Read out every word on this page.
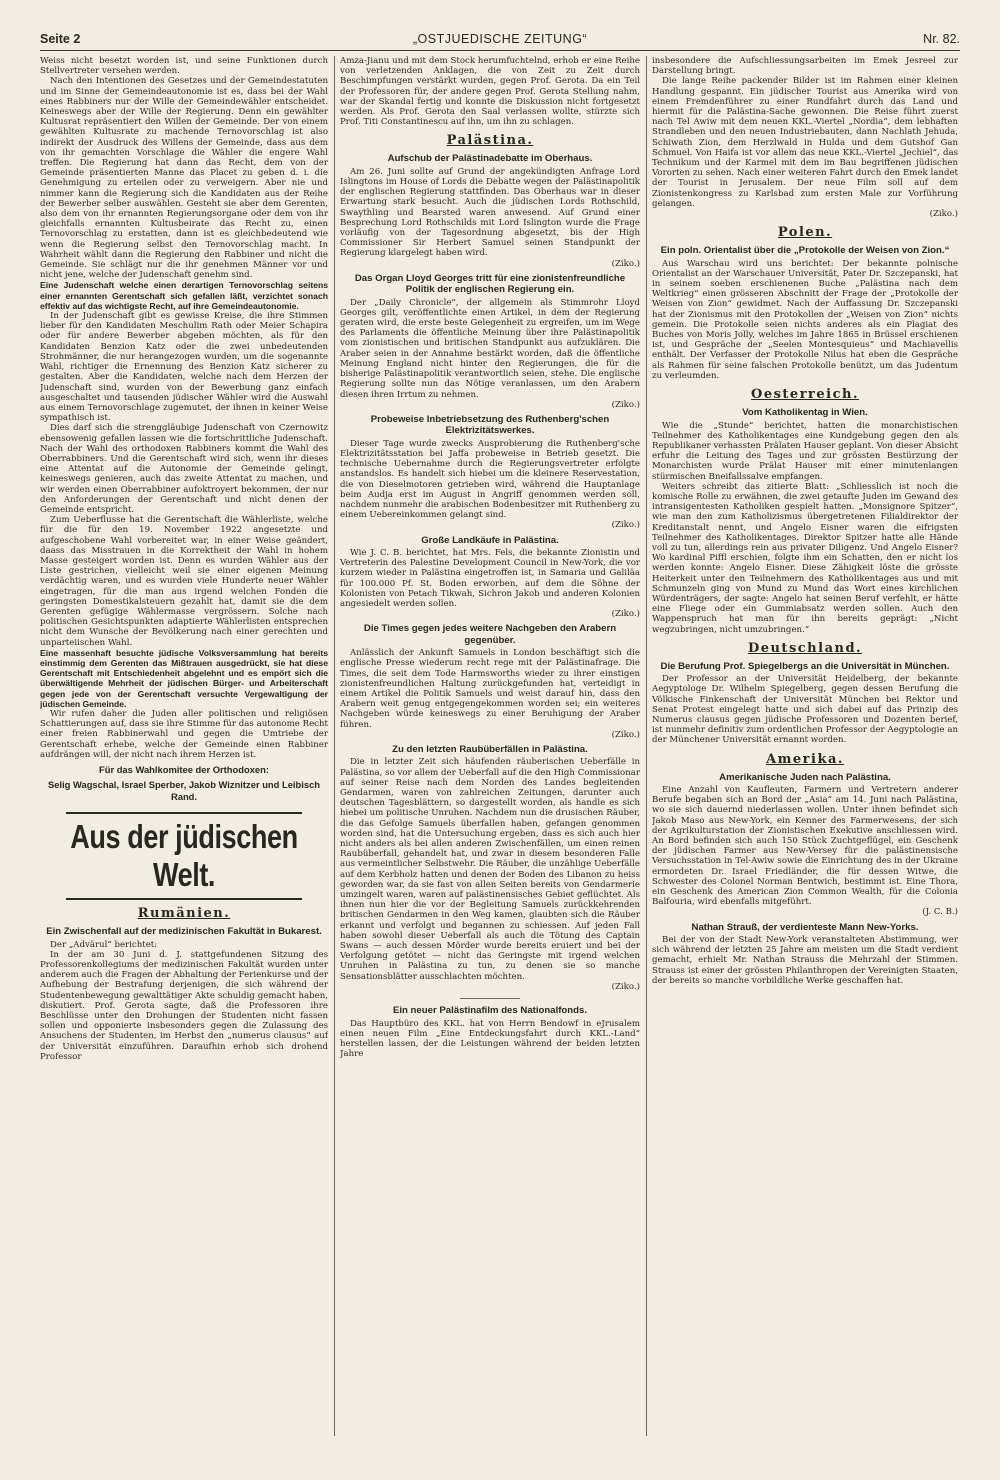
Seite 2	„OSTJUEDISCHE ZEITUNG“	Nr. 82.

Weiss nicht besetzt worden ist, und seine Funktionen durch Stellvertreter versehen werden.

Nach den Intentionen des Gesetzes und der Gemeindestatuten und im Sinne der Gemeindeautonomie ist es, dass bei der Wahl eines Rabbiners nur der Wille der Gemeindewähler entscheidet. Keineswegs aber der Wille der Regierung. Denn ein gewählter Kultusrat repräsentiert den Willen der Gemeinde. Der von einem gewählten Kultusrate zu machende Ternovorschlag ist also indirekt der Ausdruck des Willens der Gemeinde, dass aus dem von ihr gemachten Vorschlage die Wähler die engere Wahl treffen. Die Regierung hat dann das Recht, dem von der Gemeinde präsentierten Manne das Placet zu geben d. i. die Genehmigung zu erteilen oder zu verweigern. Aber nie und nimmer kann die Regierung sich die Kandidaten aus der Reihe der Bewerber selber auswählen. Gesteht sie aber dem Gerenten, also dem von ihr ernannten Regierungsorgane oder dem von ihr gleichfalls ernannten Kultusbeirate das Recht zu, einen Ternovorschlag zu erstatten, dann ist es gleichbedeutend wie wenn die Regierung selbst den Ternovorschlag macht. In Wahrheit wählt dann die Regierung den Rabbiner und nicht die Gemeinde. Sie schlägt nur die ihr genehmen Männer vor und nicht jene, welche der Judenschaft genehm sind.

Eine Judenschaft welche einen derartigen Ternovorschlag seitens einer ernannten Gerentschaft sich gefallen läßt, verzichtet sonach effektiv auf das wichtigste Recht, auf ihre Gemeindeautonomie.

In der Judenschaft gibt es gewisse Kreise, die ihre Stimmen lieber für den Kandidaten Meschulim Rath oder Meier Schapira oder für andere Bewerber abgeben möchten, als für den Kandidaten Benzion Katz oder die zwei unbedeutenden Strohmänner, die nur herangezogen wurden, um die sogenannte Wahl, richtiger die Ernennung des Benzion Katz sicherer zu gestalten. Aber die Kandidaten, welche nach dem Herzen der Judenschaft sind, wurden von der Bewerbung ganz einfach ausgeschaltet und tausenden jüdischer Wähler wird die Auswahl aus einem Ternovorschlage zugemutet, der ihnen in keiner Weise sympathisch ist.

Dies darf sich die strenggläubige Judenschaft von Czernowitz ebensowenig gefallen lassen wie die fortschrittliche Judenschaft. Nach der Wahl des orthodoxen Rabbiners kommt die Wahl des Oberrabbiners. Und die Gerentschaft wird sich, wenn ihr dieses eine Attentat auf die Autonomie der Gemeinde gelingt, keineswegs genieren, auch das zweite Attentat zu machen, und wir werden einen Oberrabbiner aufoktroyert bekommen, der nur den Anforderungen der Gerentschaft und nicht denen der Gemeinde entspricht.

Zum Ueberflusse hat die Gerentschaft die Wählerliste, welche für die für den 19. November 1922 angesetzte und aufgeschobene Wahl vorbereitet war, in einer Weise geändert, daass das Misstrauen in die Korrektheit der Wahl in hohem Masse gesteigert worden ist. Denn es wurden Wähler aus der Liste gestrichen, vielleicht weil sie einer eigenen Meinung verdächtig waren, und es wurden viele Hunderte neuer Wähler eingetragen, für die man aus irgend welchen Fonden die geringsten Domestikalsteuern gezahlt hat, damit sie die dem Gerenten gefügige Wählermasse vergrössern. Solche nach politischen Gesichtspunkten adaptierte Wählerlisten entsprechen nicht dem Wunsche der Bevölkerung nach einer gerechten und unparteiischen Wahl.

Eine massenhaft besuchte jüdische Volksversammlung hat bereits einstimmig dem Gerenten das Mißtrauen ausgedrückt, sie hat diese Gerentschaft mit Entschiedenheit abgelehnt und es empört sich die überwältigende Mehrheit der jüdischen Bürger- und Arbeiterschaft gegen jede von der Gerentschaft versuchte Vergewaltigung der jüdischen Gemeinde.

Wir rufen daher die Juden aller politischen und religiösen Schattierungen auf, dass sie ihre Stimme für das autonome Recht einer freien Rabbinerwahl und gegen die Umtriebe der Gerentschaft erhebe, welche der Gemeinde einen Rabbiner aufdrängen will, der nicht nach ihrem Herzen ist.

Für das Wahlkomitee der Orthodoxen:
Selig Wagschal, Israel Sperber, Jakob Wiznitzer und Leibisch Rand.
Aus der jüdischen Welt.
Rumänien.
Ein Zwischenfall auf der medizinischen Fakultät in Bukarest.

Der „Advärul“ berichtet:

In der am 30 Juni d. J. stattgefundenen Sitzung des Professorenkollegiums der medizinischen Fakultät wurden unter anderem auch die Fragen der Abhaltung der Ferienkurse und der Aufhebung der Bestrafung derjenigen, die sich während der Studentenbewegung gewalttätiger Akte schuldig gemacht haben, diskutiert. Prof. Gerota sagte, daß die Professoren ihre Beschlüsse unter den Drohungen der Studenten nicht fassen sollen und opponierte insbesonders gegen die Zulassung des Ansuchens der Studenten, im Herbst den „numerus clausus“ auf der Universität einzuführen. Daraufhin erhob sich drohend Professor

Amza-Jianu und mit dem Stock herumfuchtelnd, erhob er eine Reihe von verletzenden Anklagen, die von Zeit zu Zeit durch Beschimpfungen verstärkt wurden, gegen Prof. Gerota. Da ein Teil der Professoren für, der andere gegen Prof. Gerota Stellung nahm, war der Skandal fertig und konnte die Diskussion nicht fortgesetzt werden. Als Prof. Gerota den Saal verlassen wollte, stürzte sich Prof. Titi Constantinescu auf ihn, um ihn zu schlagen.

Palästina.
Aufschub der Palästinadebatte im Oberhaus.

Am 26. Juni sollte auf Grund der angekündigten Anfrage Lord Islingtons im House of Lords die Debatte wegen der Palästinapolitik der englischen Regierung stattfinden. Das Oberhaus war in dieser Erwartung stark besucht. Auch die jüdischen Lords Rothschild, Swaythling und Bearsted waren anwesend. Auf Grund einer Besprechung Lord Rothschilds mit Lord Islington wurde die Frage vorläufig von der Tagesordnung abgesetzt, bis der High Commissioner Sir Herbert Samuel seinen Standpunkt der Regierung klargelegt haben wird.

(Ziko.)
Das Organ Lloyd Georges tritt für eine zionistenfreundliche Politik der englischen Regierung ein.

Der „Daily Chronicle“, der allgemein als Stimmrohr Lloyd Georges gilt, veröffentlichte einen Artikel, in dem der Regierung geraten wird, die erste beste Gelegenheit zu ergreifen, um im Wege des Parlaments die öffentliche Meinung über ihre Palästinapolitik vom zionistischen und britischen Standpunkt aus aufzuklären. Die Araber seien in der Annahme bestärkt worden, daß die öffentliche Meinung England nicht hinter den Regierungen, die für die bisherige Palästinapolitik verantwortlich seien, stehe. Die englische Regierung sollte nun das Nötige veranlassen, um den Arabern diesen ihren Irrtum zu nehmen.

(Ziko.)
Probeweise Inbetriebsetzung des Ruthenberg'schen Elektrizitätswerkes.

Dieser Tage wurde zwecks Ausprobierung die Ruthenberg'sche Elektrizitätsstation bei Jaffa probeweise in Betrieb gesetzt. Die technische Uebernahme durch die Regierungsvertreter erfolgte anstandslos. Es handelt sich hiebei um die kleinere Reservestation, die von Dieselmotoren getrieben wird, während die Hauptanlage beim Audja erst im August in Angriff genommen werden soll, nachdem nunmehr die arabischen Bodenbesitzer mit Ruthenberg zu einem Uebereinkommen gelangt sind.

(Ziko.)
Große Landkäufe in Palästina.

Wie J. C. B. berichtet, hat Mrs. Fels, die bekannte Zionistin und Vertreterin des Palestine Development Council in New-York, die vor kurzem wieder in Palästina eingetroffen ist, in Samaria und Galiläa für 100.000 Pf. St. Boden erworben, auf dem die Söhne der Kolonisten von Petach Tikwah, Sichron Jakob und anderen Kolonien angesiedelt werden sollen.

(Ziko.)
Die Times gegen jedes weitere Nachgeben den Arabern gegenüber.

Anlässlich der Ankunft Samuels in London beschäftigt sich die englische Presse wiederum recht rege mit der Palästinafrage. Die Times, die seit dem Tode Harmsworths wieder zu ihrer einstigen zionistenfreundlichen Haltung zurückgefunden hat, verteidigt in einem Artikel die Politik Samuels und weist darauf hin, dass den Arabern weit genug entgegengekommen worden sei; ein weiteres Nachgeben würde keineswegs zu einer Beruhigung der Araber führen.

(Ziko.)
Zu den letzten Raubüberfällen in Palästina.

Die in letzter Zeit sich häufenden räuberischen Ueberfälle in Palästina, so vor allem der Ueberfall auf die den High Commissionar auf seiner Reise nach dem Norden des Landes begleitenden Gendarmen, waren von zahlreichen Zeitungen, darunter auch deutschen Tagesblättern, so dargestellt worden, als handle es sich hiebei um politische Unruhen. Nachdem nun die drusischen Räuber, die das Gefolge Samuels überfallen haben, gefangen genommen worden sind, hat die Untersuchung ergeben, dass es sich auch hier nicht anders als bei allen anderen Zwischenfällen, um einen reinen Raubüberfall, gehandelt hat, und zwar in diesem besonderen Falle aus vermeintlicher Selbstwehr. Die Räuber, die unzählige Ueberfälle auf dem Kerbholz hatten und denen der Boden des Libanon zu heiss geworden war, da sie fast von allen Seiten bereits von Gendarmerie umzingelt waren, waren auf palästinensisches Gebiet geflüchtet. Als ihnen nun hier die vor der Begleitung Samuels zurückkehrenden britischen Gendarmen in den Weg kamen, glaubten sich die Räuber erkannt und verfolgt und begannen zu schiessen. Auf jeden Fall haben sowohl dieser Ueberfall als auch die Tötung des Captain Swans — auch dessen Mörder wurde bereits eruiert und bei der Verfolgung getötet — nicht das Geringste mit irgend welchen Unruhen in Palästina zu tun, zu denen sie so manche Sensationsblätter ausschlachten möchten.

(Ziko.)
Ein neuer Palästinafilm des Nationalfonds.

Das Hauptbüro des KKL. hat von Herrn Bendowf in eJrusalem einen neuen Film „Eine Entdeckungsfahrt durch KKL.-Land“ herstellen lassen, der die Leistungen während der beiden letzten Jahre

insbesondere die Aufschliessungsarbeiten im Emek Jesreel zur Darstellung bringt.

Die lange Reihe packender Bilder ist im Rahmen einer kleinen Handlung gespannt. Ein jüdischer Tourist aus Amerika wird von einem Fremdenführer zu einer Rundfahrt durch das Land und hiermit für die Palästina-Sache gewonnen. Die Reise führt zuerst nach Tel Awiw mit dem neuen KKL.-Viertel „Nordia“, dem lebhaften Strandleben und den neuen Industriebauten, dann Nachlath Jehuda, Schiwath Zion, dem Herzlwald in Hulda und dem Gutshof Gan Schmuel. Von Haifa ist vor allem das neue KKL.-Viertel „Jechiel“, das Technikum und der Karmel mit dem im Bau begriffenen jüdischen Vororten zu sehen. Nach einer weiteren Fahrt durch den Emek landet der Tourist in Jerusalem. Der neue Film soll auf dem Zionistenkongress zu Karlsbad zum ersten Male zur Vorführung gelangen.

(Ziko.)
Polen.
Ein poln. Orientalist über die „Protokolle der Weisen von Zion.“

Aus Warschau wird uns berichtet: Der bekannte polnische Orientalist an der Warschauer Universität, Pater Dr. Szczepanski, hat in seinem soeben erschienenen Buche „Palästina nach dem Weltkrieg“ einen grösseren Abschnitt der Frage der „Protokolle der Weisen von Zion“ gewidmet. Nach der Auffassung Dr. Szczepanski hat der Zionismus mit den Protokollen der „Weisen von Zion“ nichts gemein. Die Protokolle seien nichts anderes als ein Plagiat des Buches von Moris Jolly, welches im Jahre 1865 in Brüssel erschienen ist, und Gespräche der „Seelen Montesquieus“ und Machiavellis enthält. Der Verfasser der Protokolle Nilus hat eben die Gespräche als Rahmen für seine falschen Protokolle benützt, um das Judentum zu verleumden.

Oesterreich.
Vom Katholikentag in Wien.

Wie die „Stunde“ berichtet, hatten die monarchistischen Teilnehmer des Katholikentages eine Kundgebung gegen den als Republikaner verhassten Prälaten Hauser geplant. Von dieser Absicht erfuhr die Leitung des Tages und zur grössten Bestürzung der Monarchisten wurde Prälat Hauser mit einer minutenlangen stürmischen Bneifallssalve empfangen.

Weiters schreibt das zitierte Blatt: „Schliesslich ist noch die komische Rolle zu erwähnen, die zwei getaufte Juden im Gewand des intransigentesten Katholiken gespielt hatten. „Monsignore Spitzer“, wie man den zum Katholizismus übergetretenen Filialdirektor der Kreditanstalt nennt, und Angelo Eisner waren die eifrigsten Teilnehmer des Katholikentages. Direktor Spitzer hatte alle Hände voll zu tun, allerdings rein aus privater Diligenz. Und Angelo Eisner? Wo kardinal Piffl erschien, folgte ihm ein Schatten, den er nicht los werden konnte: Angelo Eisner. Diese Zähigkeit löste die grösste Heiterkeit unter den Teilnehmern des Katholikentages aus und mit Schmunzeln ging von Mund zu Mund das Wort eines kirchlichen Würdenträgers, der sagte: Angelo hat seinen Beruf verfehlt, er hätte eine Fliege oder ein Gummiabsatz werden sollen. Auch den Wappenspruch hat man für ihn bereits geprägt: „Nicht wegzubringen, nicht umzubringen.“

Deutschland.
Die Berufung Prof. Spiegelbergs an die Universität in München.

Der Professor an der Universität Heidelberg, der bekannte Aegyptologe Dr. Wilhelm Spiegelberg, gegen dessen Berufung die Völkische Finkenschaft der Universität München bei Rektor und Senat Protest eingelegt hatte und sich dabei auf das Prinzip des Numerus clausus gegen jüdische Professoren und Dozenten berief, ist nunmehr definitiv zum ordentlichen Professor der Aegyptologie an der Münchener Universität ernannt worden.

Amerika.
Amerikanische Juden nach Palästina.

Eine Anzahl von Kaufleuten, Farmern und Vertretern anderer Berufe begaben sich an Bord der „Asia“ am 14. Juni nach Palästina, wo sie sich dauernd niederlassen wollen. Unter ihnen befindet sich Jakob Maso aus New-York, ein Kenner des Farmerwesens, der sich der Agrikulturstation der Zionistischen Exekutive anschliessen wird. An Bord befinden sich auch 150 Stück Zuchtgeflügel, ein Geschenk der jüdischen Farmer aus New-Versey für die palästinensische Versuchsstation in Tel-Awiw sowie die Einrichtung des in der Ukraine ermordeten Dr. Israel Friedländer, die für dessen Witwe, die Schwester des Colonel Norman Bentwich, bestimmt ist. Eine Thora, ein Geschenk des American Zion Common Wealth, für die Colonia Balfouria, wird ebenfalls mitgeführt.

(J. C. B.)
Nathan Strauß, der verdienteste Mann New-Yorks.

Bei der von der Stadt New-York veranstalteten Abstimmung, wer sich während der letzten 25 Jahre am meisten um die Stadt verdient gemacht, erhielt Mr. Nathan Strauss die Mehrzahl der Stimmen. Strauss ist einer der grössten Philanthropen der Vereinigten Staaten, der bereits so manche vorbildliche Werke geschaffen hat.
